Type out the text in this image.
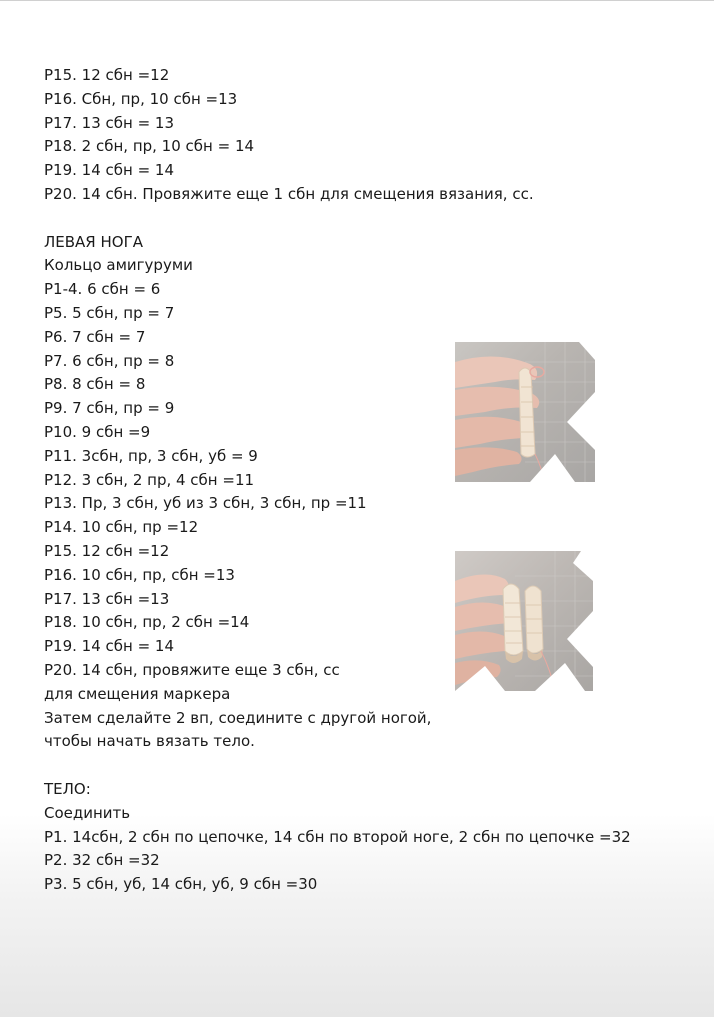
Р15. 12 сбн =12
Р16. Сбн, пр, 10 сбн =13
Р17. 13 сбн = 13
Р18. 2 сбн, пр, 10 сбн = 14
Р19. 14 сбн = 14
Р20. 14 сбн. Провяжите еще 1 сбн для смещения вязания, сс.
ЛЕВАЯ НОГА
Кольцо амигуруми
Р1-4. 6 сбн = 6
Р5. 5 сбн, пр = 7
Р6. 7 сбн = 7
Р7. 6 сбн, пр = 8
Р8. 8 сбн = 8
Р9. 7 сбн, пр = 9
Р10. 9 сбн =9
Р11. 3сбн, пр, 3 сбн, уб = 9
Р12. 3 сбн, 2 пр, 4 сбн =11
Р13. Пр, 3 сбн, уб из 3 сбн, 3 сбн, пр =11
Р14. 10 сбн, пр =12
Р15. 12 сбн =12
Р16. 10 сбн, пр, сбн =13
Р17. 13 сбн =13
Р18. 10 сбн, пр, 2 сбн =14
Р19. 14 сбн = 14
Р20. 14 сбн, провяжите еще 3 сбн, сс
для смещения маркера
Затем сделайте 2 вп, соедините с другой ногой,
чтобы начать вязать тело.
ТЕЛО:
Соединить
Р1. 14сбн, 2 сбн по цепочке, 14 сбн по второй ноге, 2 сбн по цепочке =32
Р2. 32 сбн =32
Р3. 5 сбн, уб, 14 сбн, уб, 9 сбн =30
